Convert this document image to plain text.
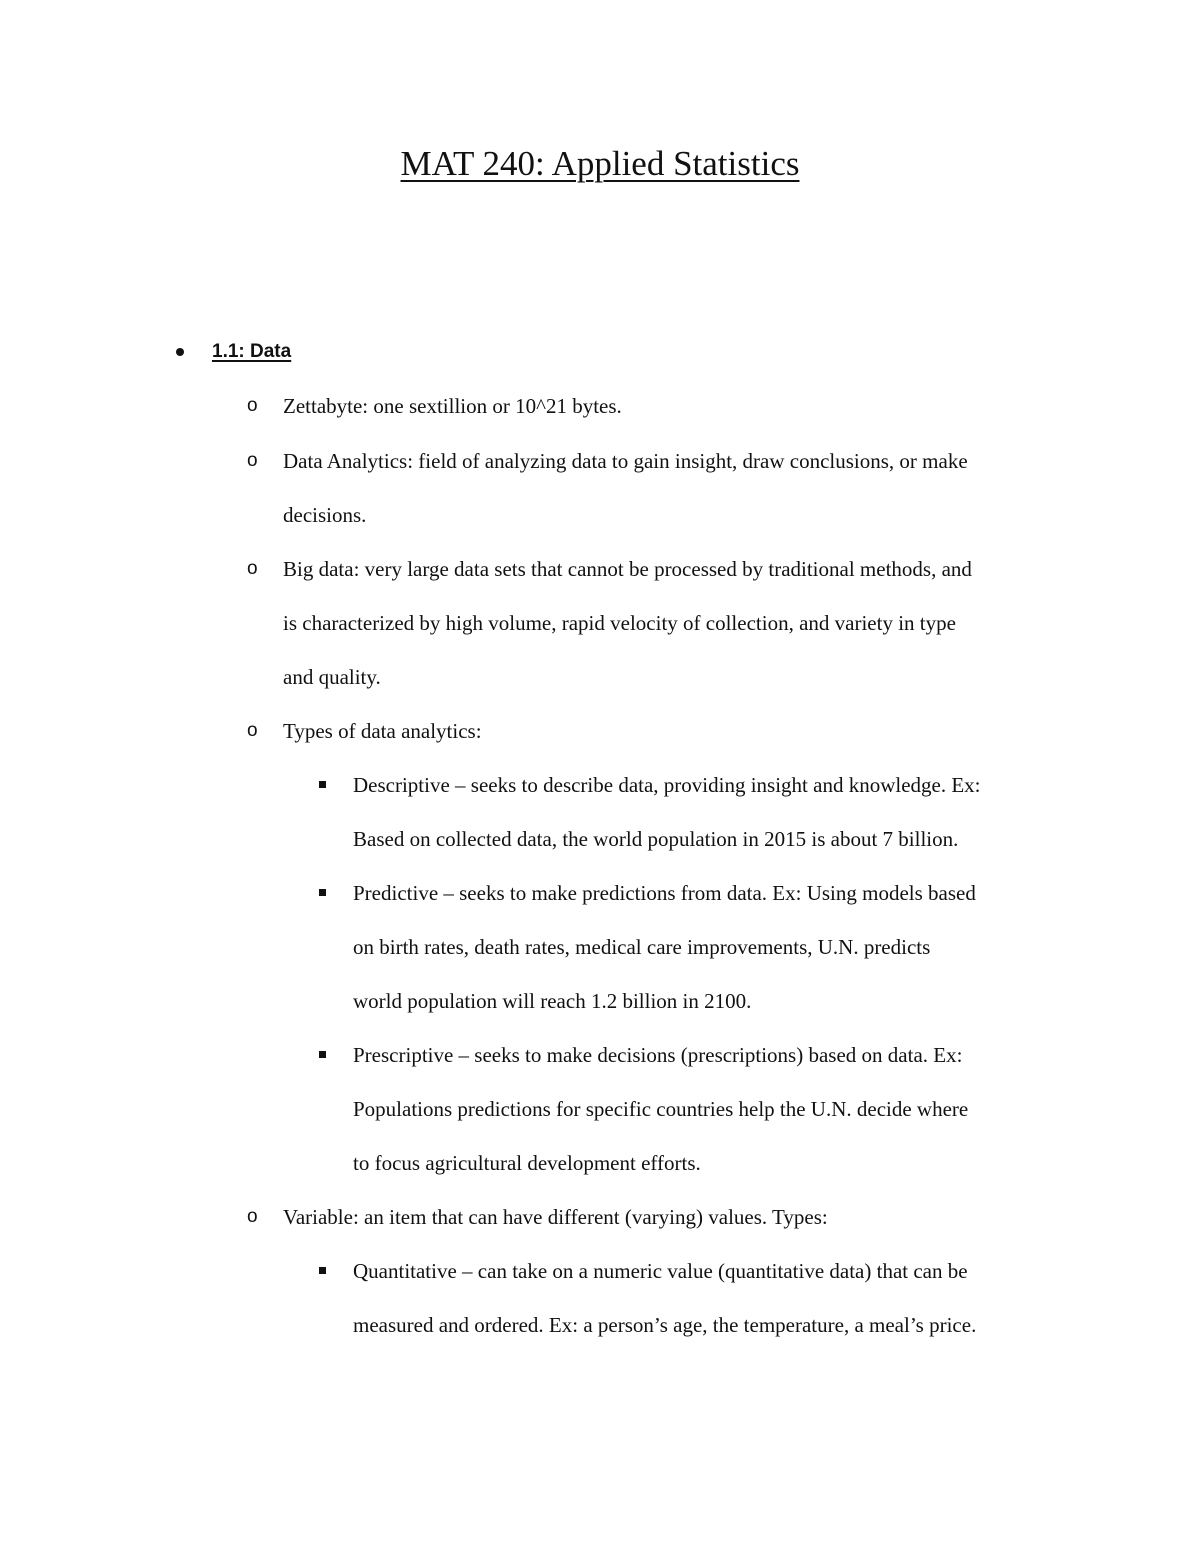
MAT 240: Applied Statistics
1.1: Data
o Zettabyte: one sextillion or 10^21 bytes.
o Data Analytics: field of analyzing data to gain insight, draw conclusions, or make
decisions.
o Big data: very large data sets that cannot be processed by traditional methods, and
is characterized by high volume, rapid velocity of collection, and variety in type
and quality.
o Types of data analytics:
Descriptive – seeks to describe data, providing insight and knowledge. Ex:
Based on collected data, the world population in 2015 is about 7 billion.
Predictive – seeks to make predictions from data. Ex: Using models based
on birth rates, death rates, medical care improvements, U.N. predicts
world population will reach 1.2 billion in 2100.
Prescriptive – seeks to make decisions (prescriptions) based on data. Ex:
Populations predictions for specific countries help the U.N. decide where
to focus agricultural development efforts.
o Variable: an item that can have different (varying) values. Types:
Quantitative – can take on a numeric value (quantitative data) that can be
measured and ordered. Ex: a person’s age, the temperature, a meal’s price.
